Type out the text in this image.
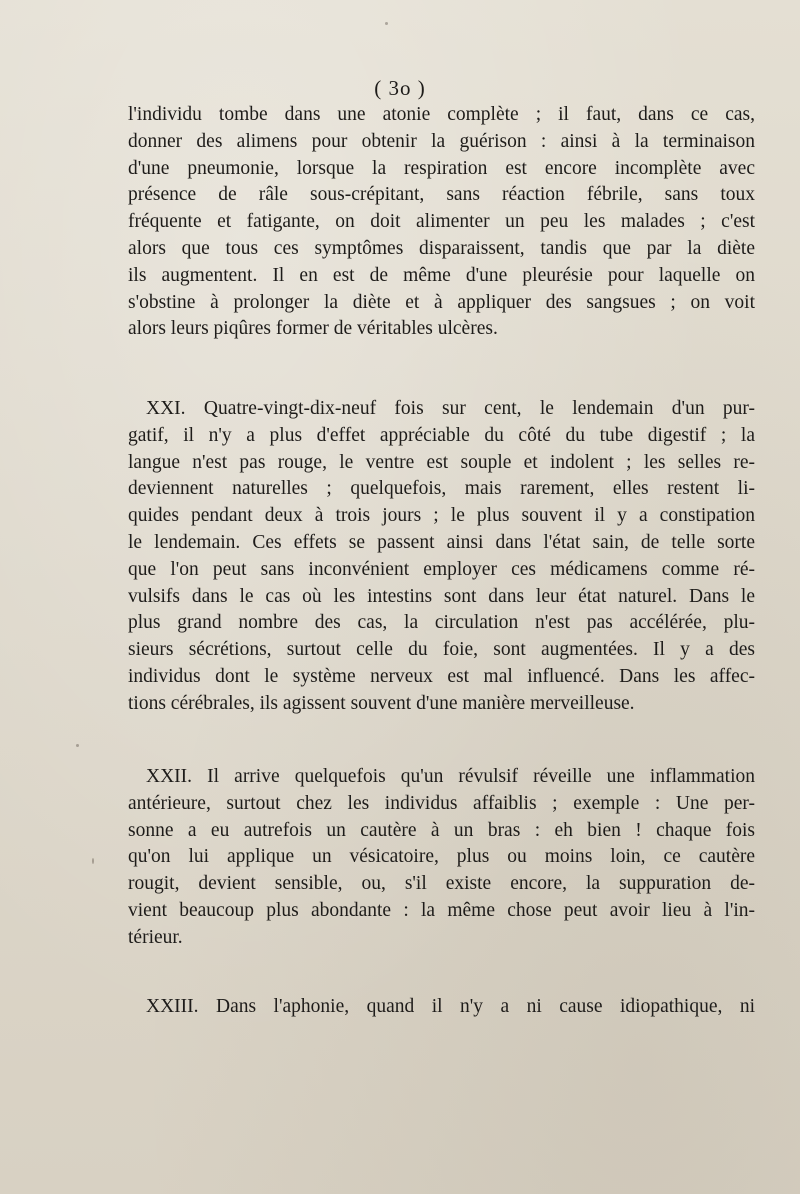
( 3o )

l'individu tombe dans une atonie complète ; il faut, dans ce cas,
donner des alimens pour obtenir la guérison : ainsi à la terminaison
d'une pneumonie, lorsque la respiration est encore incomplète avec
présence de râle sous-crépitant, sans réaction fébrile, sans toux
fréquente et fatigante, on doit alimenter un peu les malades ; c'est
alors que tous ces symptômes disparaissent, tandis que par la diète
ils augmentent. Il en est de même d'une pleurésie pour laquelle on
s'obstine à prolonger la diète et à appliquer des sangsues ; on voit
alors leurs piqûres former de véritables ulcères.

XXI. Quatre-vingt-dix-neuf fois sur cent, le lendemain d'un pur-
gatif, il n'y a plus d'effet appréciable du côté du tube digestif ; la
langue n'est pas rouge, le ventre est souple et indolent ; les selles re-
deviennent naturelles ; quelquefois, mais rarement, elles restent li-
quides pendant deux à trois jours ; le plus souvent il y a constipation
le lendemain. Ces effets se passent ainsi dans l'état sain, de telle sorte
que l'on peut sans inconvénient employer ces médicamens comme ré-
vulsifs dans le cas où les intestins sont dans leur état naturel. Dans le
plus grand nombre des cas, la circulation n'est pas accélérée, plu-
sieurs sécrétions, surtout celle du foie, sont augmentées. Il y a des
individus dont le système nerveux est mal influencé. Dans les affec-
tions cérébrales, ils agissent souvent d'une manière merveilleuse.

XXII. Il arrive quelquefois qu'un révulsif réveille une inflammation
antérieure, surtout chez les individus affaiblis ; exemple : Une per-
sonne a eu autrefois un cautère à un bras : eh bien ! chaque fois
qu'on lui applique un vésicatoire, plus ou moins loin, ce cautère
rougit, devient sensible, ou, s'il existe encore, la suppuration de-
vient beaucoup plus abondante : la même chose peut avoir lieu à l'in-
térieur.

XXIII. Dans l'aphonie, quand il n'y a ni cause idiopathique, ni
